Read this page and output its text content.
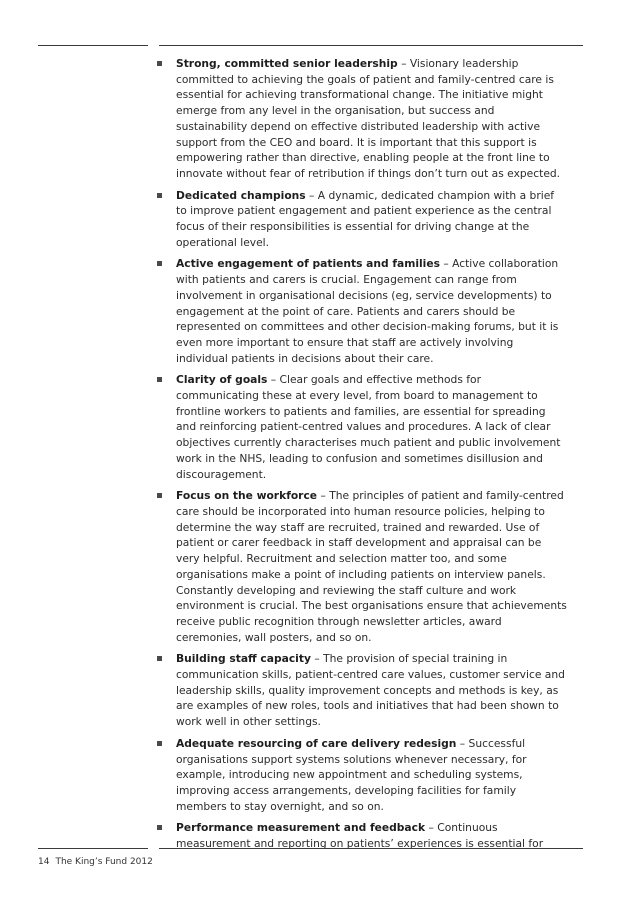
Strong, committed senior leadership – Visionary leadership committed to achieving the goals of patient and family-centred care is essential for achieving transformational change. The initiative might emerge from any level in the organisation, but success and sustainability depend on effective distributed leadership with active support from the CEO and board. It is important that this support is empowering rather than directive, enabling people at the front line to innovate without fear of retribution if things don’t turn out as expected.
Dedicated champions – A dynamic, dedicated champion with a brief to improve patient engagement and patient experience as the central focus of their responsibilities is essential for driving change at the operational level.
Active engagement of patients and families – Active collaboration with patients and carers is crucial. Engagement can range from involvement in organisational decisions (eg, service developments) to engagement at the point of care. Patients and carers should be represented on committees and other decision-making forums, but it is even more important to ensure that staff are actively involving individual patients in decisions about their care.
Clarity of goals – Clear goals and effective methods for communicating these at every level, from board to management to frontline workers to patients and families, are essential for spreading and reinforcing patient-centred values and procedures. A lack of clear objectives currently characterises much patient and public involvement work in the NHS, leading to confusion and sometimes disillusion and discouragement.
Focus on the workforce – The principles of patient and family-centred care should be incorporated into human resource policies, helping to determine the way staff are recruited, trained and rewarded. Use of patient or carer feedback in staff development and appraisal can be very helpful. Recruitment and selection matter too, and some organisations make a point of including patients on interview panels. Constantly developing and reviewing the staff culture and work environment is crucial. The best organisations ensure that achievements receive public recognition through newsletter articles, award ceremonies, wall posters, and so on.
Building staff capacity – The provision of special training in communication skills, patient-centred care values, customer service and leadership skills, quality improvement concepts and methods is key, as are examples of new roles, tools and initiatives that had been shown to work well in other settings.
Adequate resourcing of care delivery redesign – Successful organisations support systems solutions whenever necessary, for example, introducing new appointment and scheduling systems, improving access arrangements, developing facilities for family members to stay overnight, and so on.
Performance measurement and feedback – Continuous measurement and reporting on patients’ experiences is essential for
14 The King’s Fund 2012
